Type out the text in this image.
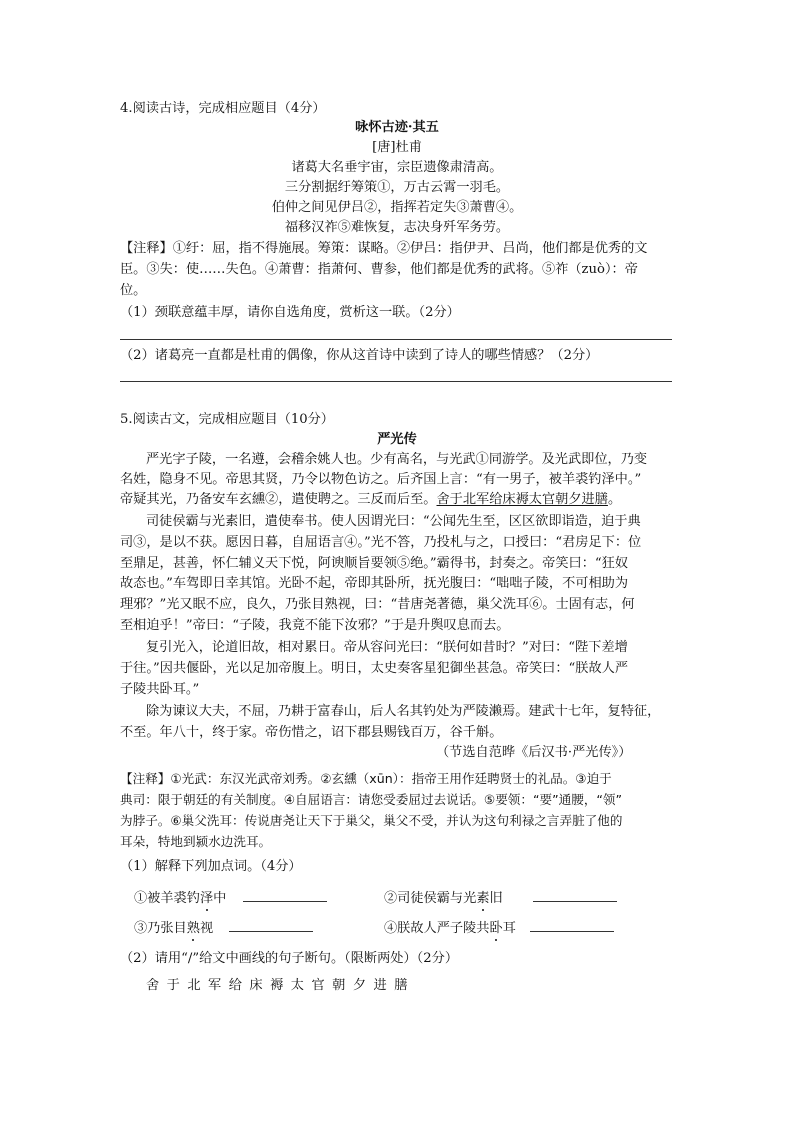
4.阅读古诗，完成相应题目（4分）
咏怀古迹·其五
[唐]杜甫
诸葛大名垂宇宙，宗臣遗像肃清高。
三分割据纡筹策①，万古云霄一羽毛。
伯仲之间见伊吕②，指挥若定失③萧曹④。
福移汉祚⑤难恢复，志决身歼军务劳。
【注释】①纡：屈，指不得施展。筹策：谋略。②伊吕：指伊尹、吕尚，他们都是优秀的文
臣。③失：使……失色。④萧曹：指萧何、曹参，他们都是优秀的武将。⑤祚（zuò）：帝
位。
（1）颈联意蕴丰厚，请你自选角度，赏析这一联。（2分）
（2）诸葛亮一直都是杜甫的偶像，你从这首诗中读到了诗人的哪些情感？（2分）
5.阅读古文，完成相应题目（10分）
严光传
严光字子陵，一名遵，会稽余姚人也。少有高名，与光武①同游学。及光武即位，乃变
名姓，隐身不见。帝思其贤，乃令以物色访之。后齐国上言：“有一男子，被羊裘钓泽中。”
帝疑其光，乃备安车玄纁②，遣使聘之。三反而后至。舍于北军给床褥太官朝夕进膳。
司徒侯霸与光素旧，遣使奉书。使人因谓光曰：“公闻先生至，区区欲即诣造，迫于典
司③，是以不获。愿因日暮，自屈语言④。”光不答，乃投札与之，口授曰：“君房足下：位
至鼎足，甚善，怀仁辅义天下悦，阿谀顺旨要领⑤绝。”霸得书，封奏之。帝笑曰：“狂奴
故态也。”车驾即日幸其馆。光卧不起，帝即其卧所，抚光腹曰：“咄咄子陵，不可相助为
理邪？”光又眠不应，良久，乃张目熟视，曰：“昔唐尧著德，巢父洗耳⑥。士固有志，何
至相迫乎！”帝曰：“子陵，我竟不能下汝邪？”于是升舆叹息而去。
复引光入，论道旧故，相对累日。帝从容问光曰：“朕何如昔时？”对曰：“陛下差增
于往。”因共偃卧，光以足加帝腹上。明日，太史奏客星犯御坐甚急。帝笑曰：“朕故人严
子陵共卧耳。”
除为谏议大夫，不屈，乃耕于富春山，后人名其钓处为严陵濑焉。建武十七年，复特征，
不至。年八十，终于家。帝伤惜之，诏下郡县赐钱百万，谷千斛。
（节选自范晔《后汉书·严光传》）
【注释】①光武：东汉光武帝刘秀。②玄纁（xūn）：指帝王用作廷聘贤士的礼品。③迫于
典司：限于朝廷的有关制度。④自屈语言：请您受委屈过去说话。⑤要领：“要”通腰，“领”
为脖子。⑥巢父洗耳：传说唐尧让天下于巢父，巢父不受，并认为这句利禄之言弄脏了他的
耳朵，特地到颍水边洗耳。
（1）解释下列加点词。（4分）
①被羊裘钓泽中	②司徒侯霸与光素旧
③乃张目熟视	④朕故人严子陵共卧耳
（2）请用“/”给文中画线的句子断句。（限断两处）（2分）
舍于北军给床褥太官朝夕进膳
